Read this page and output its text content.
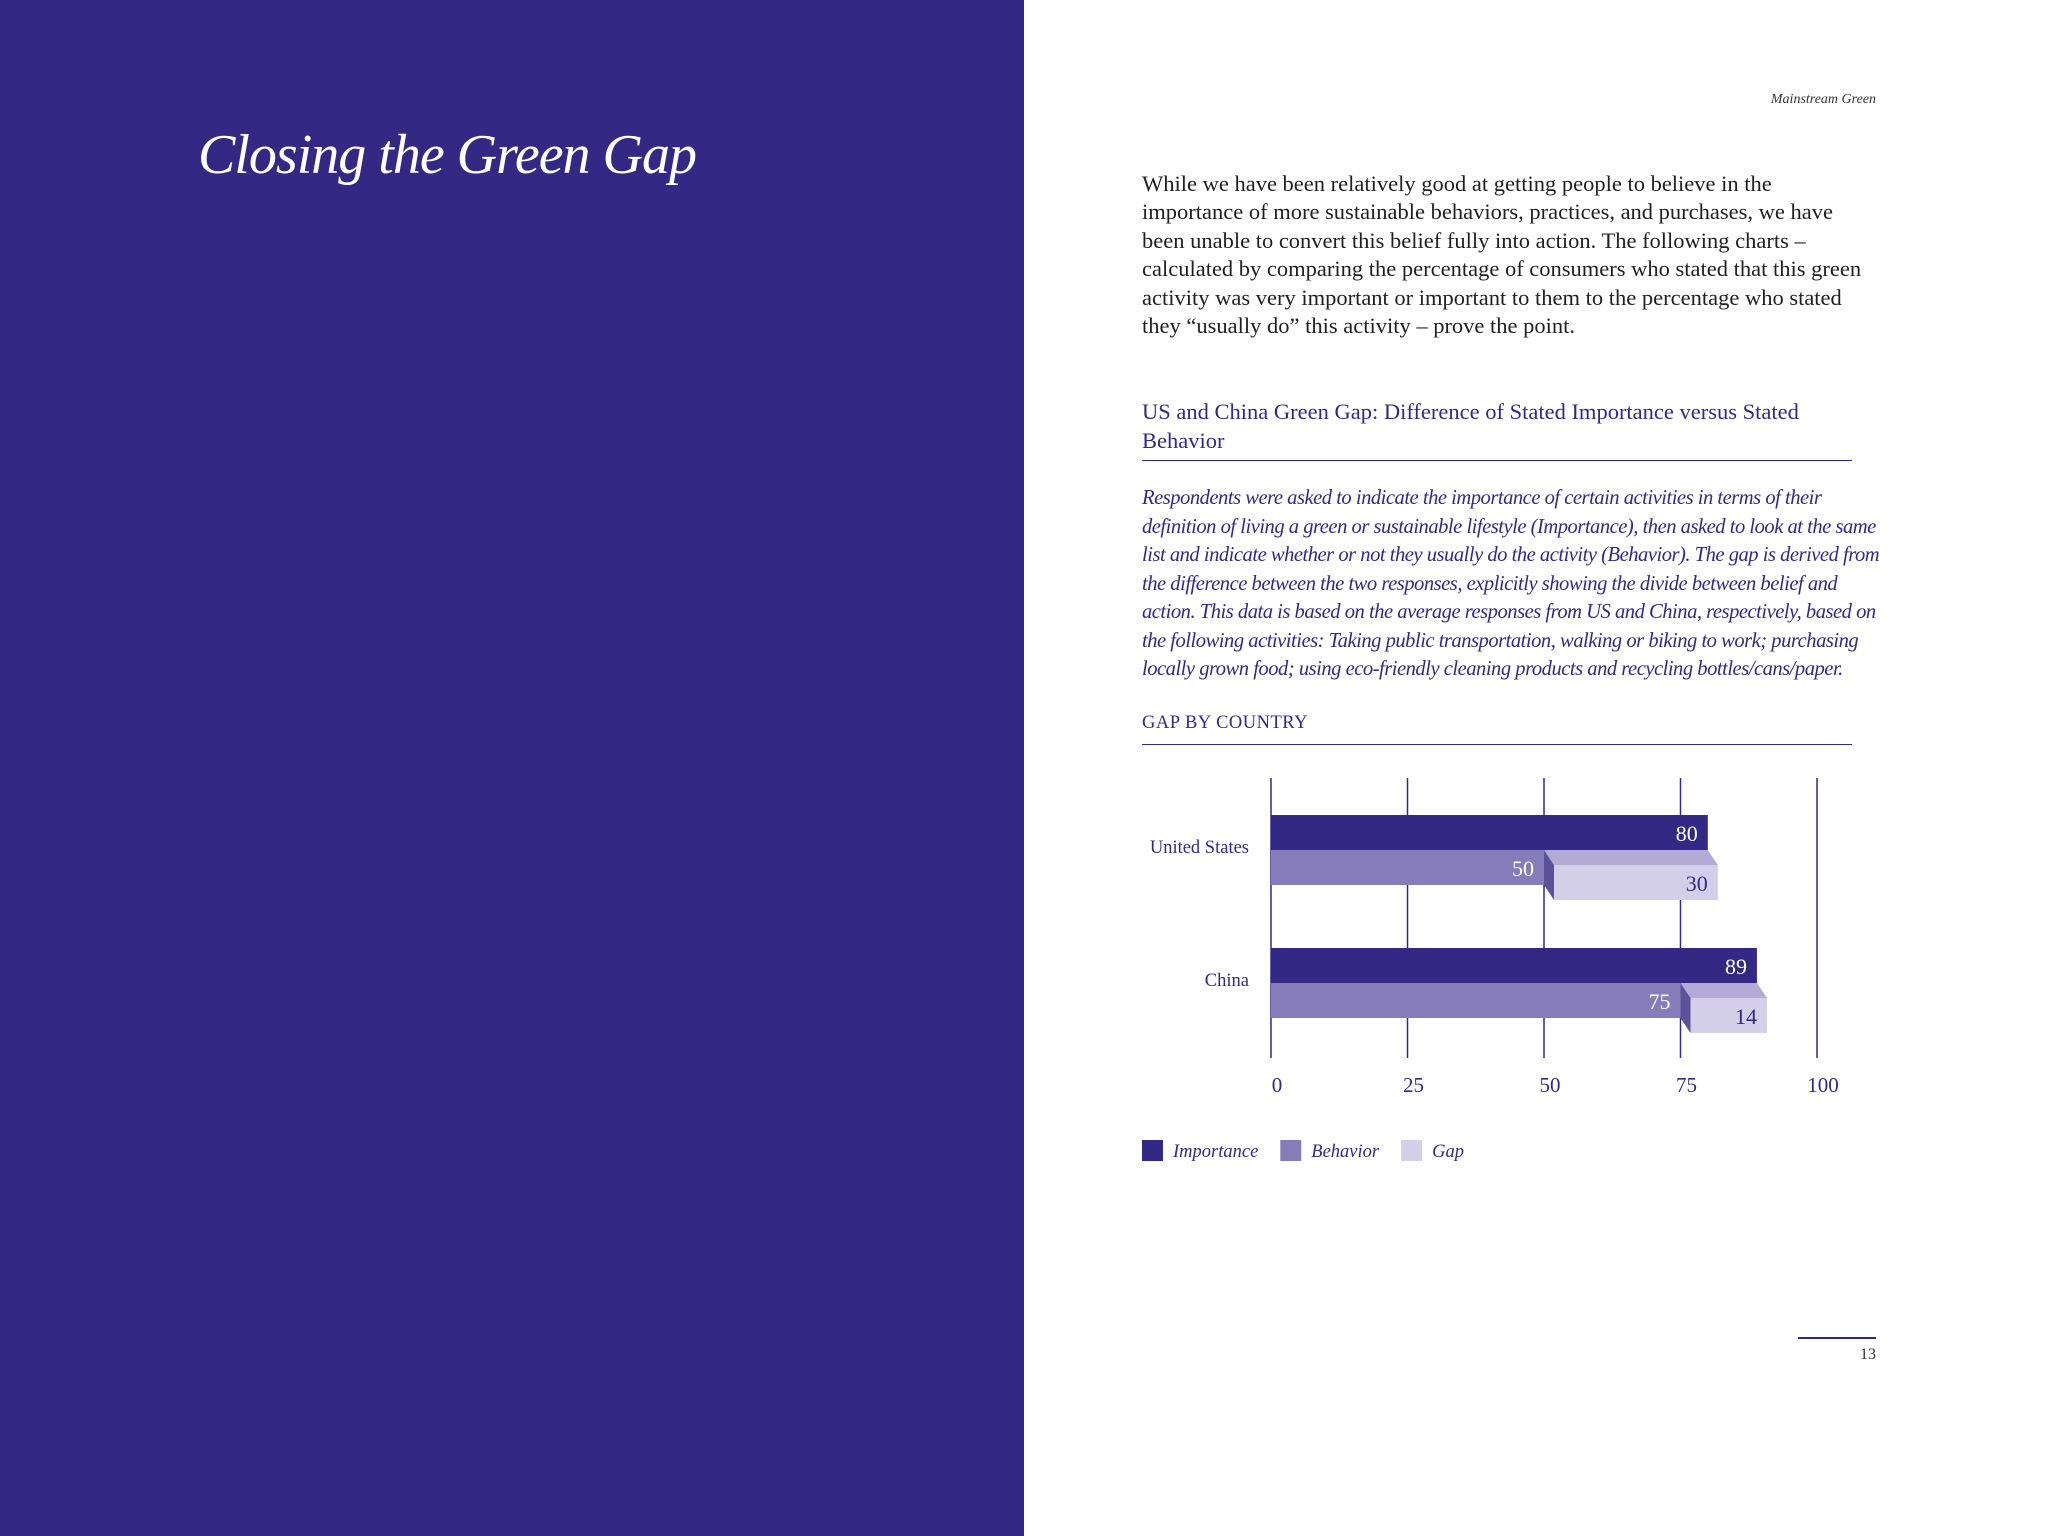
Closing the Green Gap
Mainstream Green

While we have been relatively good at getting people to believe in the importance of more sustainable behaviors, practices, and purchases, we have been unable to convert this belief fully into action. The following charts – calculated by comparing the percentage of consumers who stated that this green activity was very important or important to them to the percentage who stated they “usually do” this activity – prove the point.

US and China Green Gap: Difference of Stated Importance versus Stated Behavior

Respondents were asked to indicate the importance of certain activities in terms of their definition of living a green or sustainable lifestyle (Importance), then asked to look at the same list and indicate whether or not they usually do the activity (Behavior). The gap is derived from the difference between the two responses, explicitly showing the divide between belief and action. This data is based on the average responses from US and China, respectively, based on the following activities: Taking public transportation, walking or biking to work; purchasing locally grown food; using eco-friendly cleaning products and recycling bottles/cans/paper.

GAP BY COUNTRY
80
50
30
United States
89
75
14
China
0	25	50	75	100
Importance	Behavior	Gap
13
